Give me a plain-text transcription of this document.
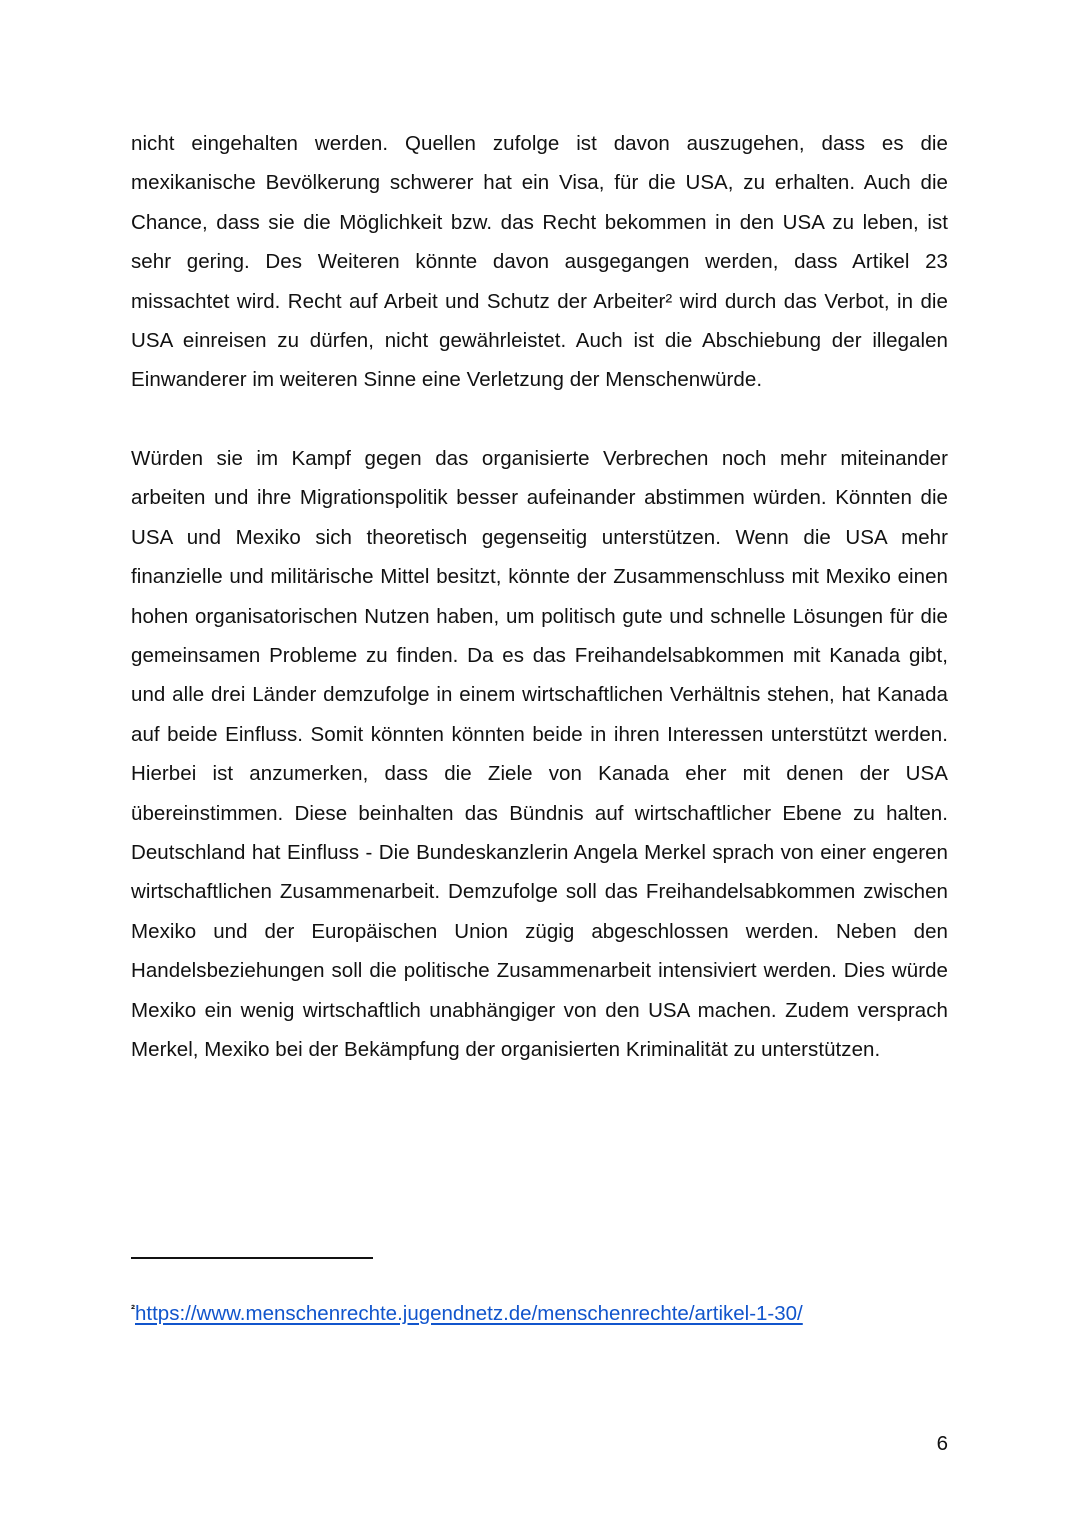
nicht eingehalten werden. Quellen zufolge ist davon auszugehen, dass es die mexikanische Bevölkerung schwerer hat ein Visa, für die USA, zu erhalten. Auch die Chance, dass sie die Möglichkeit bzw. das Recht bekommen in den USA zu leben, ist sehr gering. Des Weiteren könnte davon ausgegangen werden, dass Artikel 23 missachtet wird. Recht auf Arbeit und Schutz der Arbeiter² wird durch das Verbot, in die USA einreisen zu dürfen, nicht gewährleistet. Auch ist die Abschiebung der illegalen Einwanderer im weiteren Sinne eine Verletzung der Menschenwürde.

Würden sie im Kampf gegen das organisierte Verbrechen noch mehr miteinander arbeiten und ihre Migrationspolitik besser aufeinander abstimmen würden. Könnten die USA und Mexiko sich theoretisch gegenseitig unterstützen. Wenn die USA mehr finanzielle und militärische Mittel besitzt, könnte der Zusammenschluss mit Mexiko einen hohen organisatorischen Nutzen haben, um politisch gute und schnelle Lösungen für die gemeinsamen Probleme zu finden. Da es das Freihandelsabkommen mit Kanada gibt, und alle drei Länder demzufolge in einem wirtschaftlichen Verhältnis stehen, hat Kanada auf beide Einfluss. Somit könnten könnten beide in ihren Interessen unterstützt werden. Hierbei ist anzumerken, dass die Ziele von Kanada eher mit denen der USA übereinstimmen. Diese beinhalten das Bündnis auf wirtschaftlicher Ebene zu halten. Deutschland hat Einfluss - Die Bundeskanzlerin Angela Merkel sprach von einer engeren wirtschaftlichen Zusammenarbeit. Demzufolge soll das Freihandelsabkommen zwischen Mexiko und der Europäischen Union zügig abgeschlossen werden. Neben den Handelsbeziehungen soll die politische Zusammenarbeit intensiviert werden. Dies würde Mexiko ein wenig wirtschaftlich unabhängiger von den USA machen. Zudem versprach Merkel, Mexiko bei der Bekämpfung der organisierten Kriminalität zu unterstützen.

$^{^2}$https://www.menschenrechte.jugendnetz.de/menschenrechte/artikel-1-30/
6
